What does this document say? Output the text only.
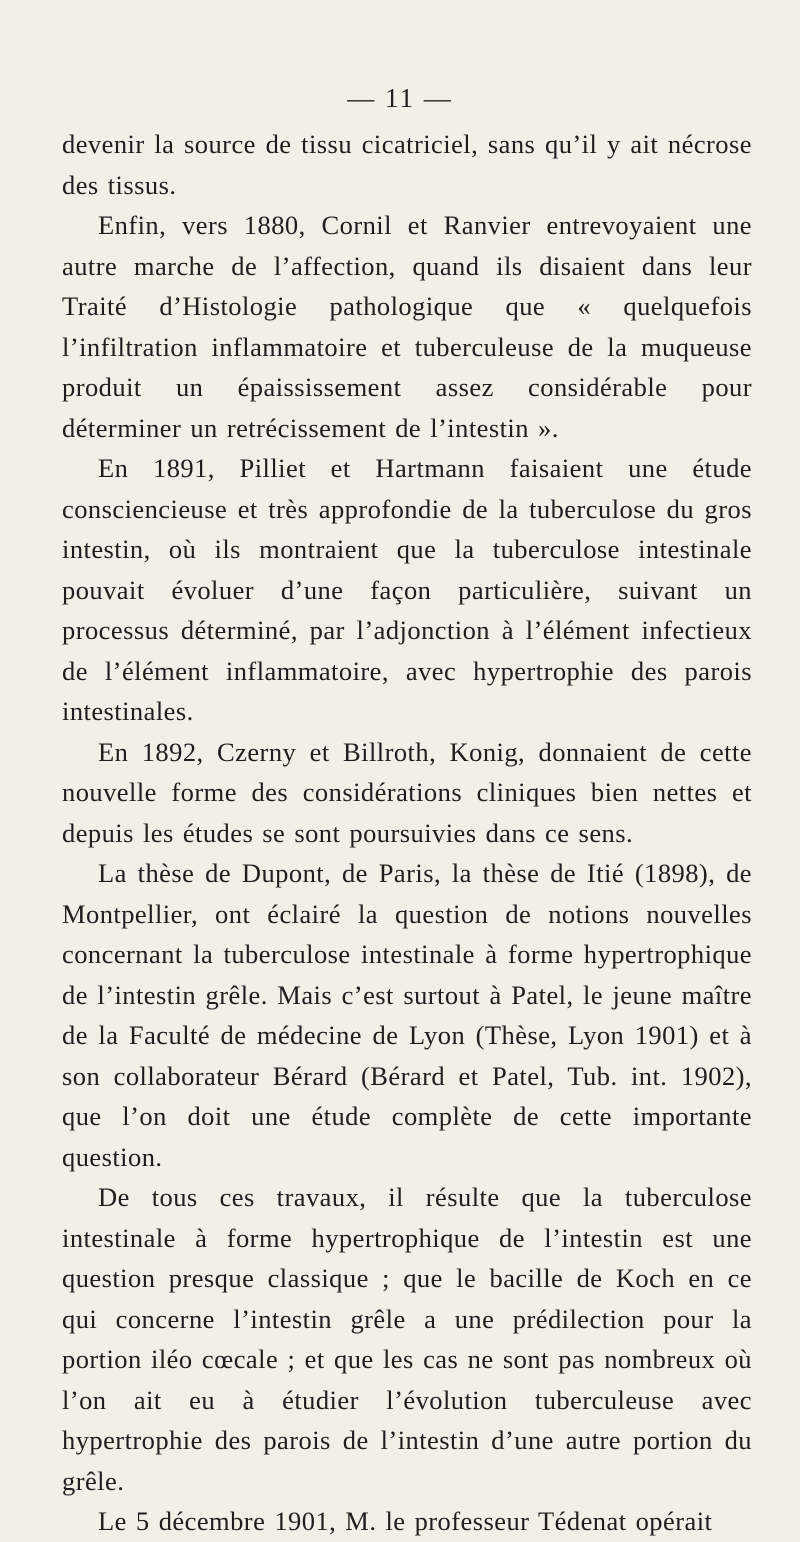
— 11 —

devenir la source de tissu cicatriciel, sans qu’il y ait nécrose des tissus.

Enfin, vers 1880, Cornil et Ranvier entrevoyaient une autre marche de l’affection, quand ils disaient dans leur Traité d’Histologie pathologique que « quelquefois l’infiltration inflammatoire et tuberculeuse de la muqueuse produit un épaississement assez considérable pour déterminer un retrécissement de l’intestin ».

En 1891, Pilliet et Hartmann faisaient une étude consciencieuse et très approfondie de la tuberculose du gros intestin, où ils montraient que la tuberculose intestinale pouvait évoluer d’une façon particulière, suivant un processus déterminé, par l’adjonction à l’élément infectieux de l’élément inflammatoire, avec hypertrophie des parois intestinales.

En 1892, Czerny et Billroth, Konig, donnaient de cette nouvelle forme des considérations cliniques bien nettes et depuis les études se sont poursuivies dans ce sens.

La thèse de Dupont, de Paris, la thèse de Itié (1898), de Montpellier, ont éclairé la question de notions nouvelles concernant la tuberculose intestinale à forme hypertrophique de l’intestin grêle. Mais c’est surtout à Patel, le jeune maître de la Faculté de médecine de Lyon (Thèse, Lyon 1901) et à son collaborateur Bérard (Bérard et Patel, Tub. int. 1902), que l’on doit une étude complète de cette importante question.

De tous ces travaux, il résulte que la tuberculose intestinale à forme hypertrophique de l’intestin est une question presque classique ; que le bacille de Koch en ce qui concerne l’intestin grêle a une prédilection pour la portion iléo cœcale ; et que les cas ne sont pas nombreux où l’on ait eu à étudier l’évolution tuberculeuse avec hypertrophie des parois de l’intestin d’une autre portion du grêle.

Le 5 décembre 1901, M. le professeur Tédenat opérait
